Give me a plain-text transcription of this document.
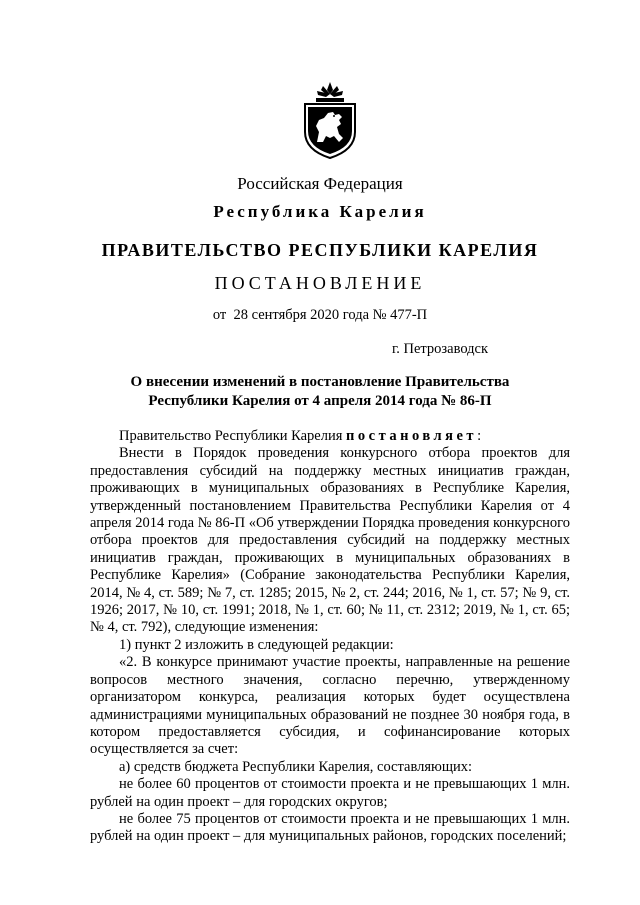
Российская Федерация
Республика Карелия
ПРАВИТЕЛЬСТВО РЕСПУБЛИКИ КАРЕЛИЯ
ПОСТАНОВЛЕНИЕ
от  28 сентября 2020 года № 477-П
г. Петрозаводск
О внесении изменений в постановление Правительства
Республики Карелия от 4 апреля 2014 года № 86-П

Правительство Республики Карелия постановляет:

Внести в Порядок проведения конкурсного отбора проектов для предоставления субсидий на поддержку местных инициатив граждан, проживающих в муниципальных образованиях в Республике Карелия, утвержденный постановлением Правительства Республики Карелия от 4 апреля 2014 года № 86-П «Об утверждении Порядка проведения конкурсного отбора проектов для предоставления субсидий на поддержку местных инициатив граждан, проживающих в муниципальных образованиях в Республике Карелия» (Собрание законодательства Республики Карелия, 2014, № 4, ст. 589; № 7, ст. 1285; 2015, № 2, ст. 244; 2016, № 1, ст. 57; № 9, ст. 1926; 2017, № 10, ст. 1991; 2018, № 1, ст. 60; № 11, ст. 2312; 2019, № 1, ст. 65; № 4, ст. 792), следующие изменения:

1) пункт 2 изложить в следующей редакции:

«2. В конкурсе принимают участие проекты, направленные на решение вопросов местного значения, согласно перечню, утвержденному организатором конкурса, реализация которых будет осуществлена администрациями муниципальных образований не позднее 30 ноября года, в котором предоставляется субсидия, и софинансирование которых осуществляется за счет:

а) средств бюджета Республики Карелия, составляющих:

не более 60 процентов от стоимости проекта и не превышающих 1 млн. рублей на один проект – для городских округов;

не более 75 процентов от стоимости проекта и не превышающих 1 млн. рублей на один проект – для муниципальных районов, городских поселений;
